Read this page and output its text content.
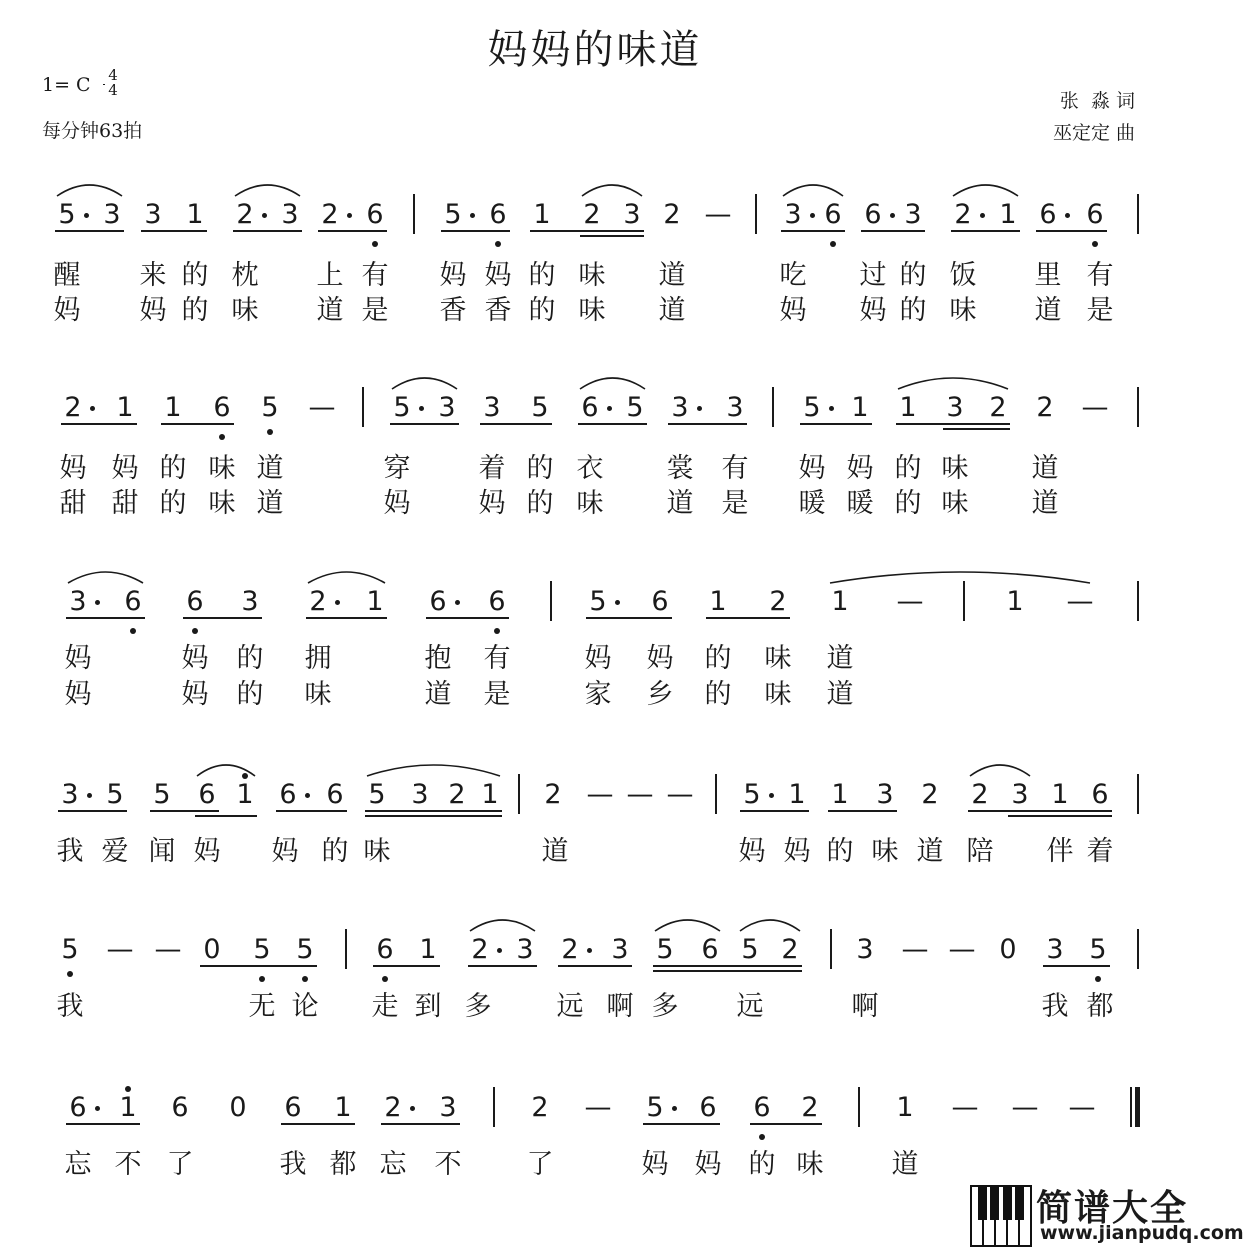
妈妈的味道
1= C	4
4
每分钟63拍
张  淼 词
巫定定 曲
5 3 3 1 2 3 2 6 5 6 1 2 3 2 — 3 6 6 3 2 1 6 6
醒 来 的 枕 上 有 妈 妈 的 味 道	吃 过 的 饭 里 有
妈 妈 的 味 道 是 香 香 的 味 道	妈 妈 的 味 道 是
2 1 1 6 5 — 5 3 3 5 6 5 3 3 5 1 1 3 2 2 —
妈 妈 的 味 道	穿	着 的 衣 裳 有 妈 妈 的 味 道
甜 甜 的 味 道	妈	妈 的 味 道 是 暖 暖 的 味 道
3 6 6 3 2 1 6 6	5 6 1 2 1 —	1 —
妈	妈 的 拥	抱 有	妈 妈 的 味 道
妈	妈 的 味	道 是	家 乡 的 味 道
3 5 5 6 1 6 6 5 3 2 1 2 — — — 5 1 1 3 2 2 3 1 6
我 爱 闻 妈 妈 的 味	道	妈 妈 的 味 道 陪 伴 着
5 — — 0 5 5 6 1 2 3 2 3 5 6 5 2 3 — — 0 3 5
我	无 论 走 到 多 远 啊 多 远	啊	我 都
6 1 6 0 6 1 2 3	2 — 5 6 6 2	1 — — —
忘 不 了	我 都 忘 不 了	妈 妈 的 味	道
简谱大全
www.jianpudq.com
